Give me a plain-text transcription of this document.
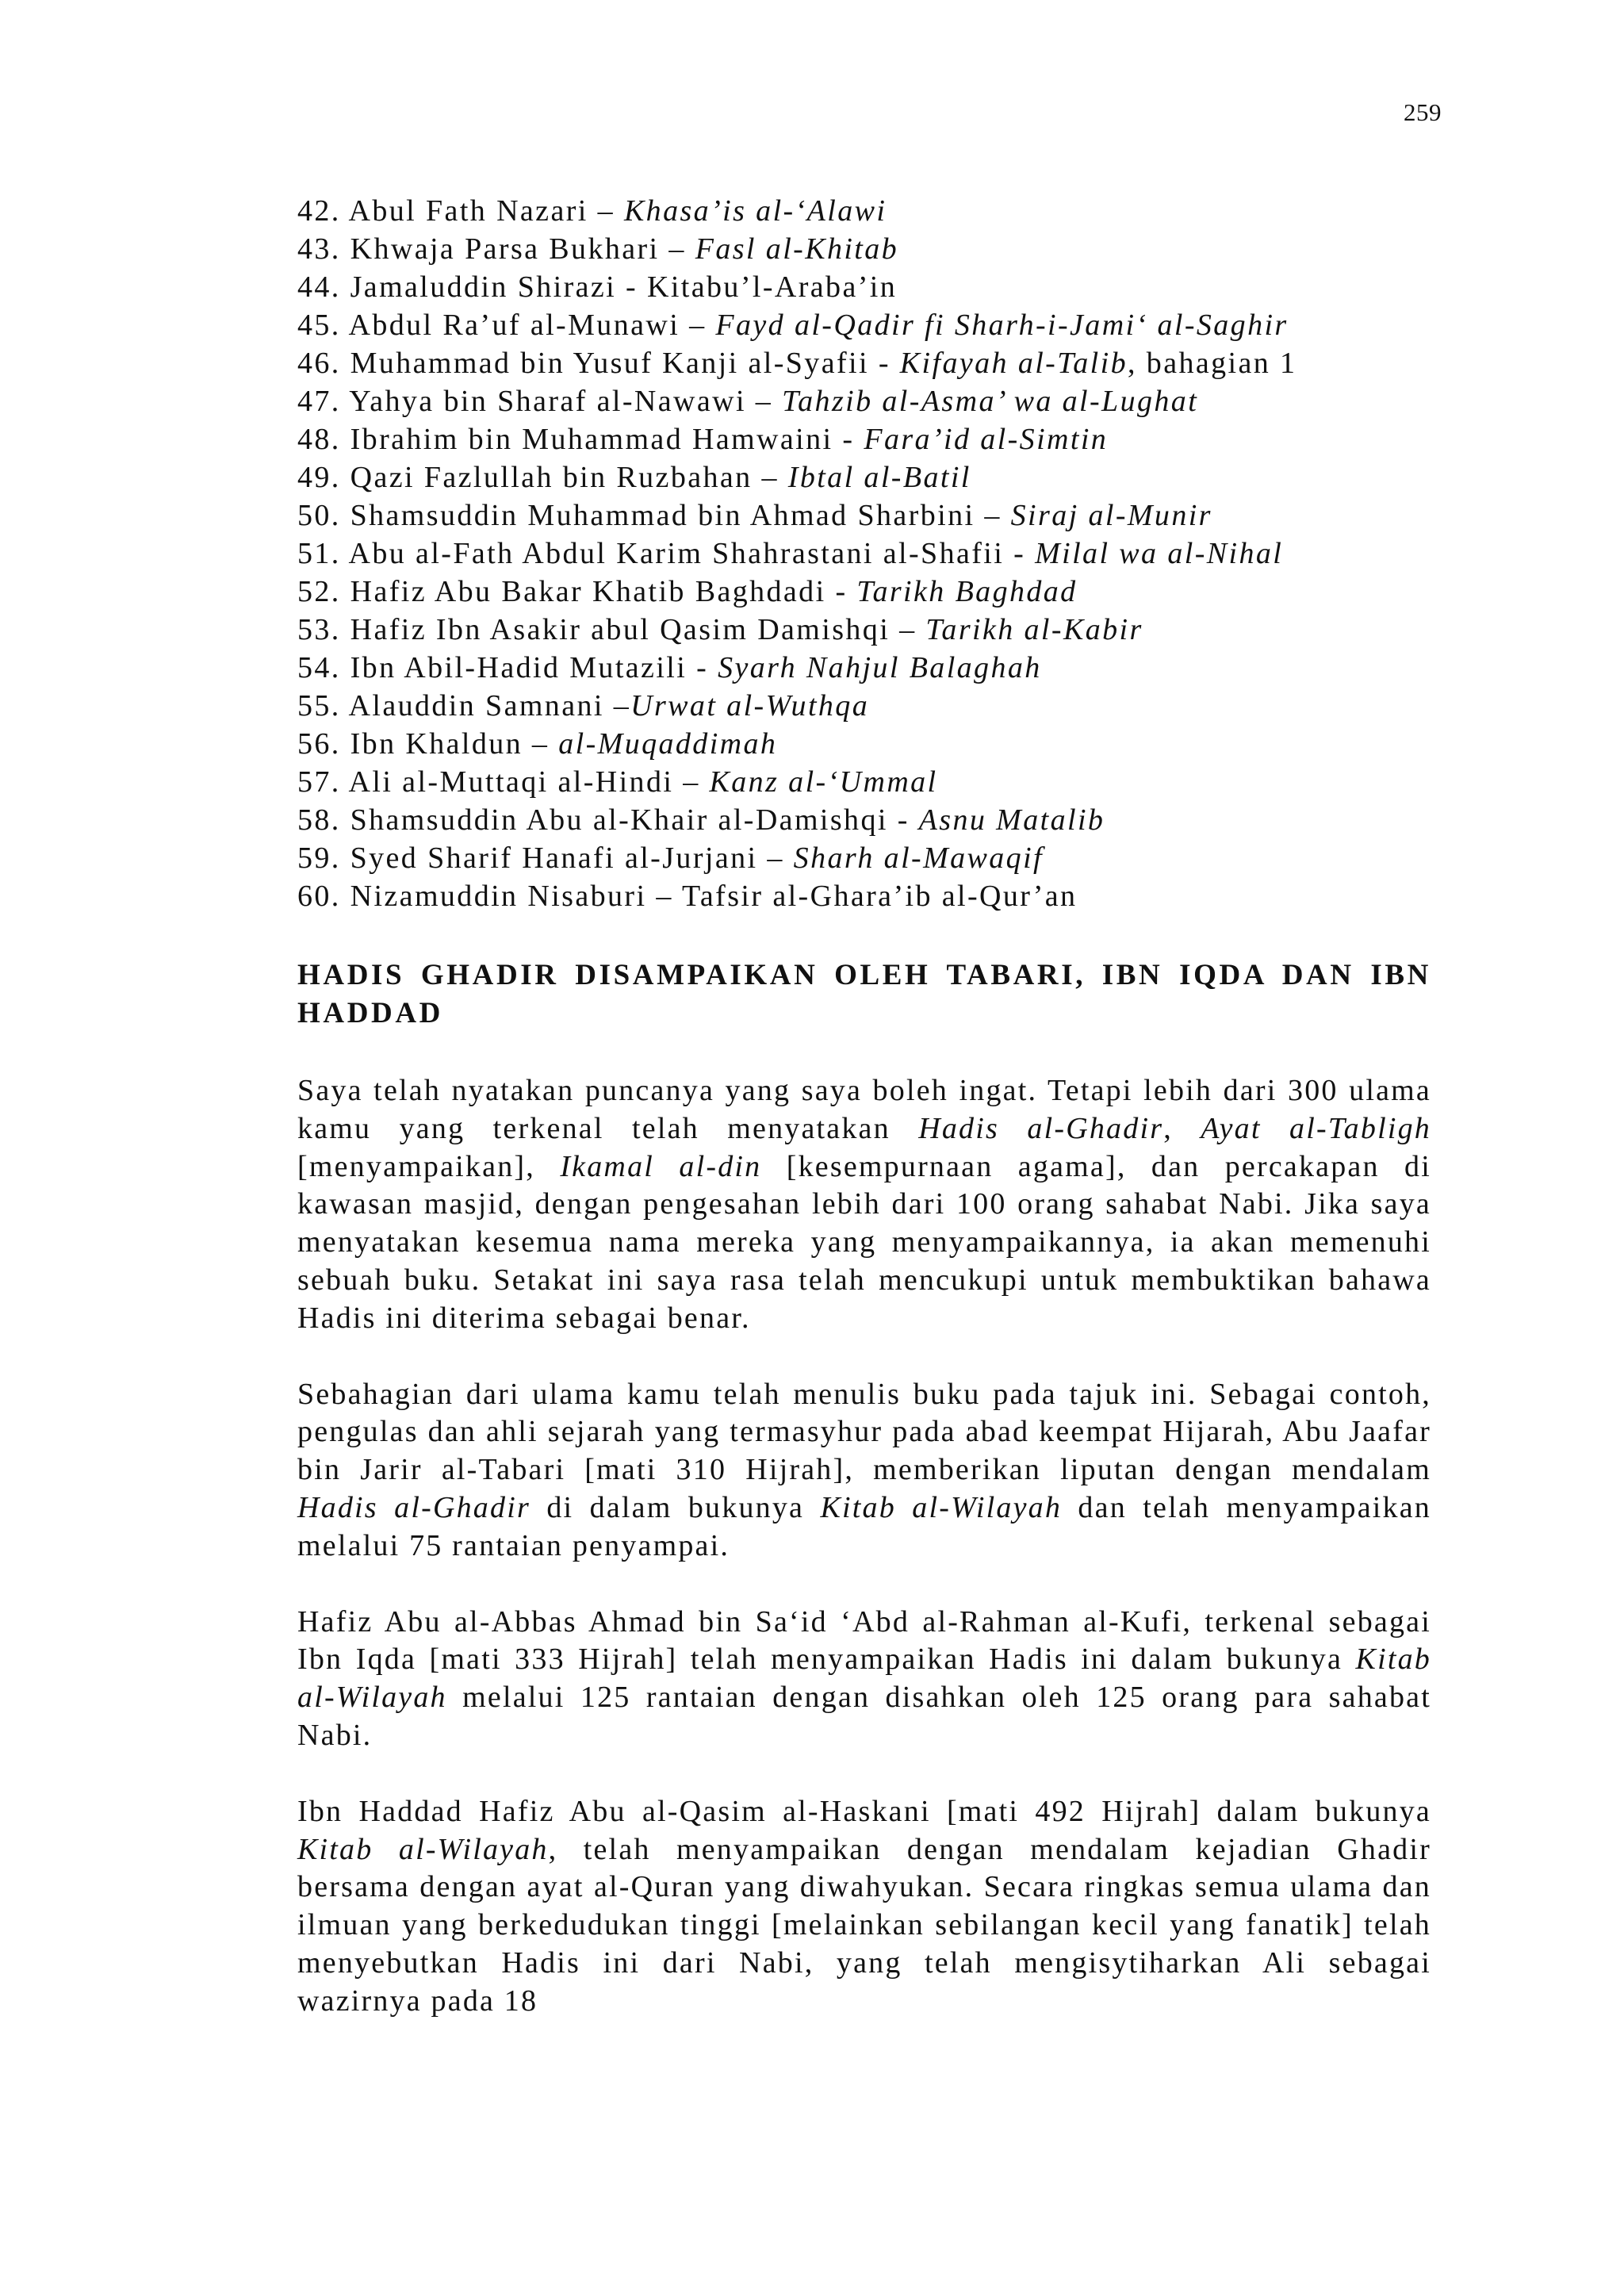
259
42. Abul Fath Nazari – Khasa’is al-‘Alawi
43. Khwaja Parsa Bukhari – Fasl al-Khitab
44. Jamaluddin Shirazi - Kitabu’l-Araba’in
45. Abdul Ra’uf al-Munawi – Fayd al-Qadir fi Sharh-i-Jami‘ al-Saghir
46. Muhammad bin Yusuf Kanji al-Syafii - Kifayah al-Talib, bahagian 1
47. Yahya bin Sharaf al-Nawawi – Tahzib al-Asma’ wa al-Lughat
48. Ibrahim bin Muhammad Hamwaini - Fara’id al-Simtin
49. Qazi Fazlullah bin Ruzbahan – Ibtal al-Batil
50. Shamsuddin Muhammad bin Ahmad Sharbini – Siraj al-Munir
51. Abu al-Fath Abdul Karim Shahrastani al-Shafii - Milal wa al-Nihal
52. Hafiz Abu Bakar Khatib Baghdadi - Tarikh Baghdad
53. Hafiz Ibn Asakir abul Qasim Damishqi – Tarikh al-Kabir
54. Ibn Abil-Hadid Mutazili - Syarh Nahjul Balaghah
55. Alauddin Samnani –Urwat al-Wuthqa
56. Ibn Khaldun – al-Muqaddimah
57. Ali al-Muttaqi al-Hindi – Kanz al-‘Ummal
58. Shamsuddin Abu al-Khair al-Damishqi - Asnu Matalib
59. Syed Sharif Hanafi al-Jurjani – Sharh al-Mawaqif
60. Nizamuddin Nisaburi – Tafsir al-Ghara’ib al-Qur’an
HADIS GHADIR DISAMPAIKAN OLEH TABARI, IBN IQDA DAN IBN HADDAD

Saya telah nyatakan puncanya yang saya boleh ingat. Tetapi lebih dari 300 ulama kamu yang terkenal telah menyatakan Hadis al-Ghadir, Ayat al-Tabligh [menyampaikan], Ikamal al-din [kesempurnaan agama], dan percakapan di kawasan masjid, dengan pengesahan lebih dari 100 orang sahabat Nabi. Jika saya menyatakan kesemua nama mereka yang menyampaikannya, ia akan memenuhi sebuah buku. Setakat ini saya rasa telah mencukupi untuk membuktikan bahawa Hadis ini diterima sebagai benar.

Sebahagian dari ulama kamu telah menulis buku pada tajuk ini. Sebagai contoh, pengulas dan ahli sejarah yang termasyhur pada abad keempat Hijarah, Abu Jaafar bin Jarir al-Tabari [mati 310 Hijrah], memberikan liputan dengan mendalam Hadis al-Ghadir di dalam bukunya Kitab al-Wilayah dan telah menyampaikan melalui 75 rantaian penyampai.

Hafiz Abu al-Abbas Ahmad bin Sa‘id ‘Abd al-Rahman al-Kufi, terkenal sebagai Ibn Iqda [mati 333 Hijrah] telah menyampaikan Hadis ini dalam bukunya Kitab al-Wilayah melalui 125 rantaian dengan disahkan oleh 125 orang para sahabat Nabi.

Ibn Haddad Hafiz Abu al-Qasim al-Haskani [mati 492 Hijrah] dalam bukunya Kitab al-Wilayah, telah menyampaikan dengan mendalam kejadian Ghadir bersama dengan ayat al-Quran yang diwahyukan. Secara ringkas semua ulama dan ilmuan yang berkedudukan tinggi [melainkan sebilangan kecil yang fanatik] telah menyebutkan Hadis ini dari Nabi, yang telah mengisytiharkan Ali sebagai wazirnya pada 18
